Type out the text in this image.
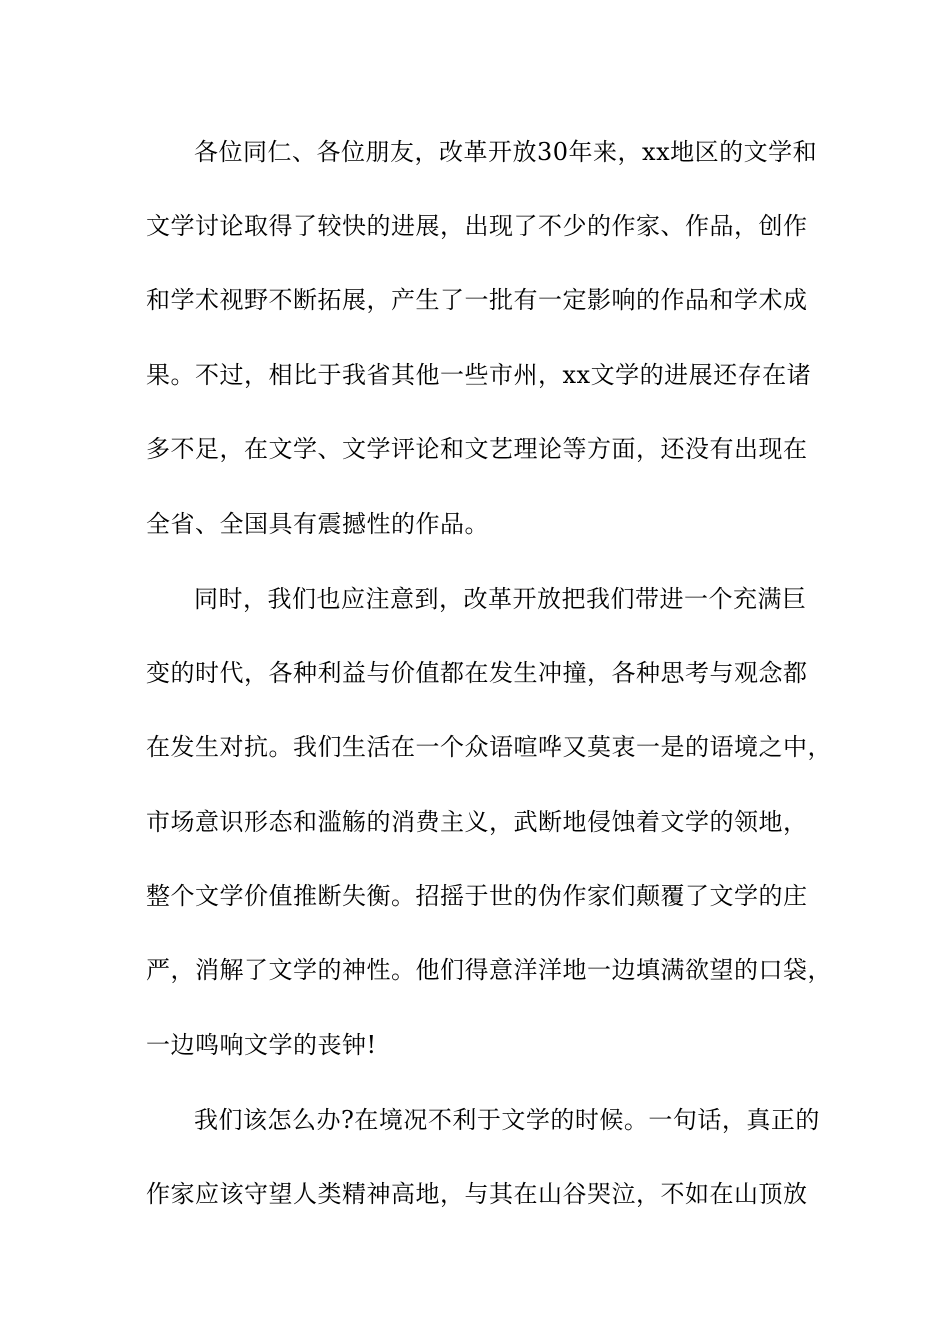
各位同仁、各位朋友，改革开放30年来，xx地区的文学和
文学讨论取得了较快的进展，出现了不少的作家、作品，创作
和学术视野不断拓展，产生了一批有一定影响的作品和学术成
果。不过，相比于我省其他一些市州，xx文学的进展还存在诸
多不足，在文学、文学评论和文艺理论等方面，还没有出现在
全省、全国具有震撼性的作品。
同时，我们也应注意到，改革开放把我们带进一个充满巨
变的时代，各种利益与价值都在发生冲撞，各种思考与观念都
在发生对抗。我们生活在一个众语喧哗又莫衷一是的语境之中，
市场意识形态和滥觞的消费主义，武断地侵蚀着文学的领地，
整个文学价值推断失衡。招摇于世的伪作家们颠覆了文学的庄
严，消解了文学的神性。他们得意洋洋地一边填满欲望的口袋，
一边鸣响文学的丧钟!
我们该怎么办?在境况不利于文学的时候。一句话，真正的
作家应该守望人类精神高地，与其在山谷哭泣，不如在山顶放
